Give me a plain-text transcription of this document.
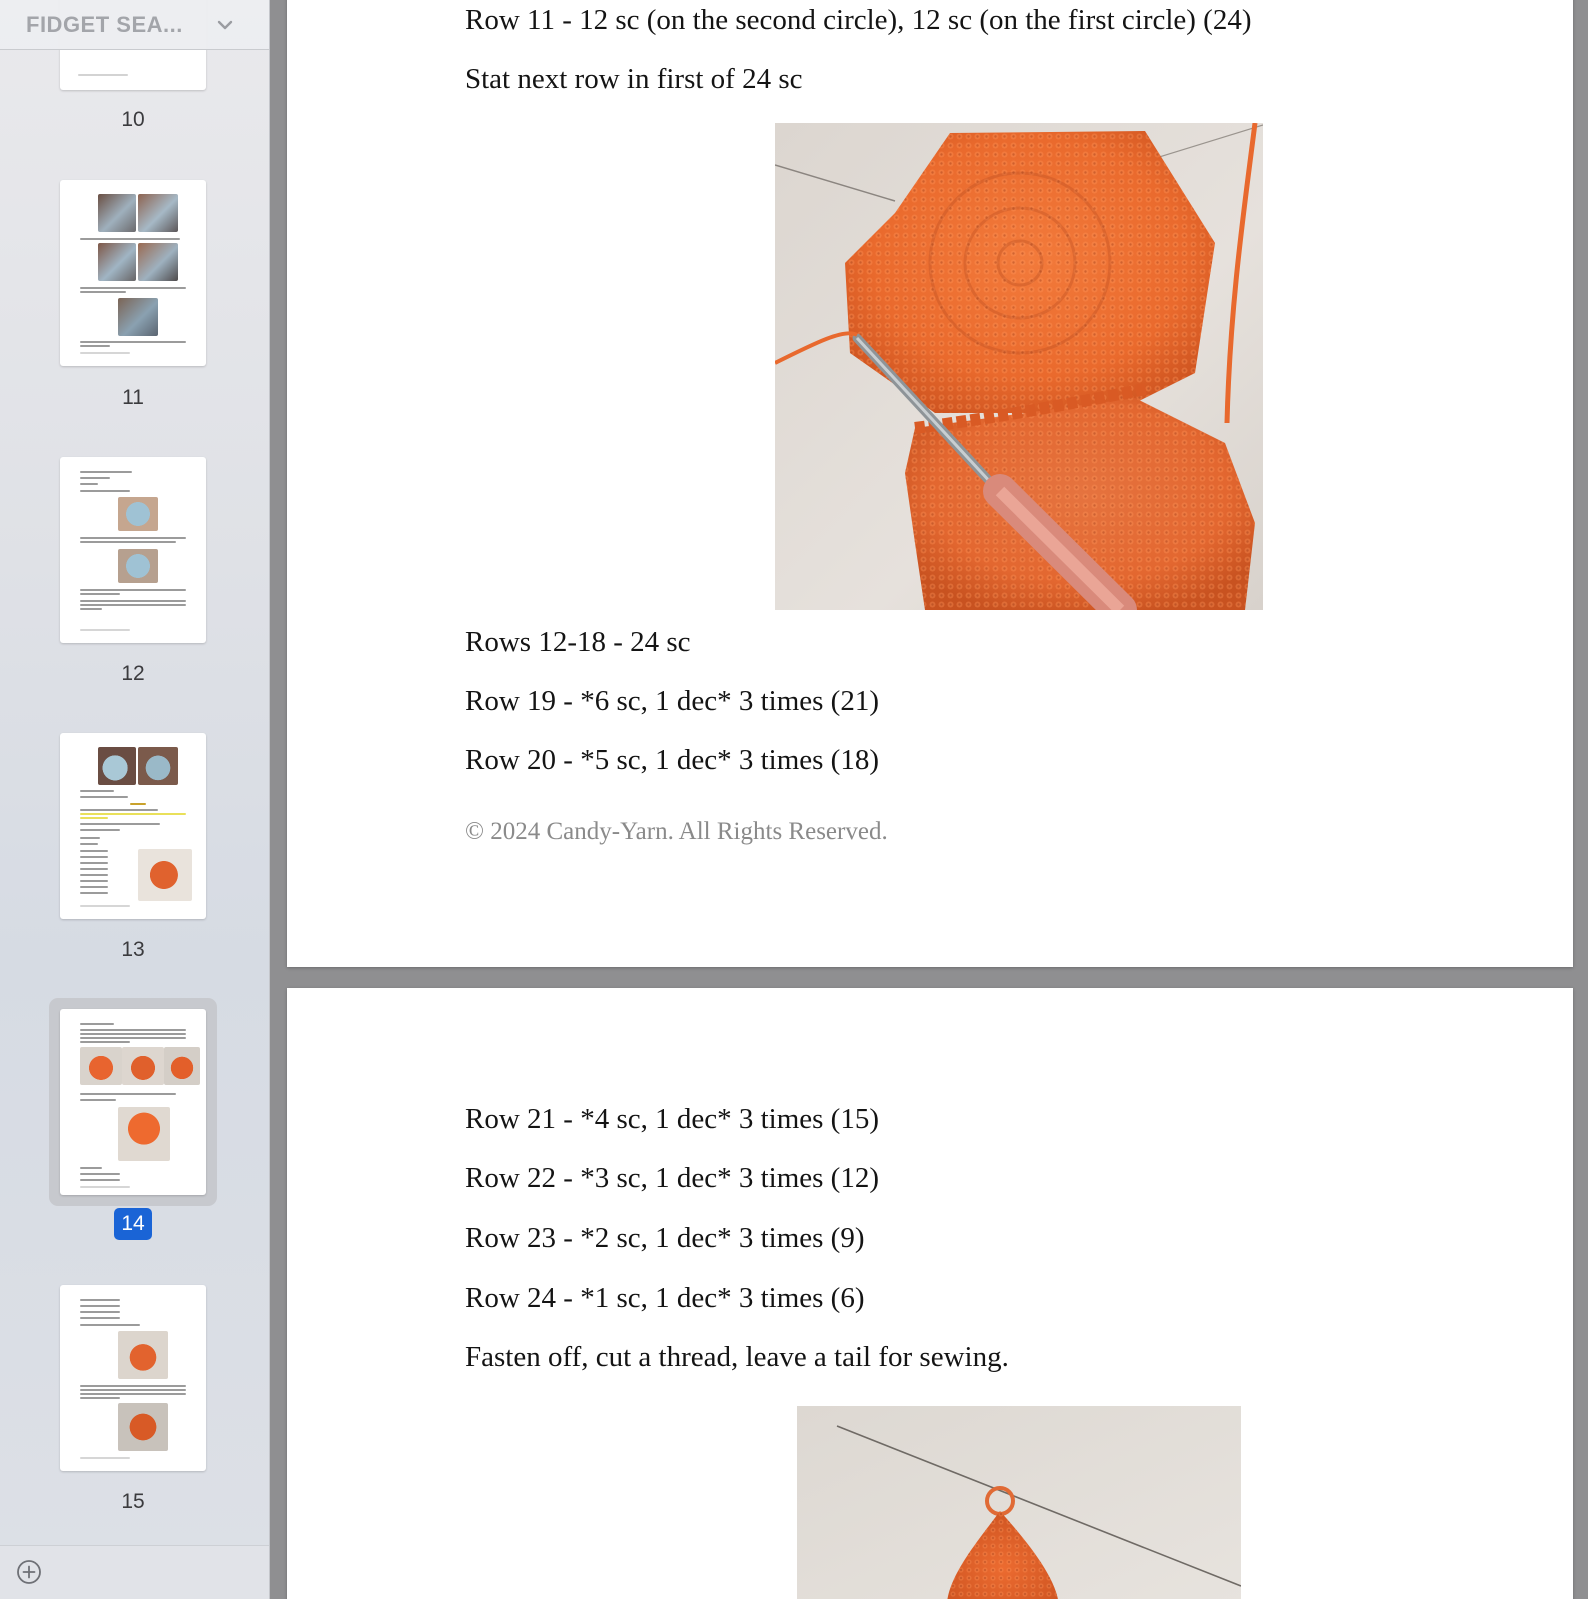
10
11
12
13
14
15
FIDGET SEA...	Row 11 - 12 sc (on the second circle), 12 sc (on the first circle) (24)
Stat next row in first of 24 sc
Rows 12-18 - 24 sc
Row 19 - *6 sc, 1 dec* 3 times (21)
Row 20 - *5 sc, 1 dec* 3 times (18)
© 2024 Candy-Yarn. All Rights Reserved.
Row 21 - *4 sc, 1 dec* 3 times (15)
Row 22 - *3 sc, 1 dec* 3 times (12)
Row 23 - *2 sc, 1 dec* 3 times (9)
Row 24 - *1 sc, 1 dec* 3 times (6)
Fasten off, cut a thread, leave a tail for sewing.
